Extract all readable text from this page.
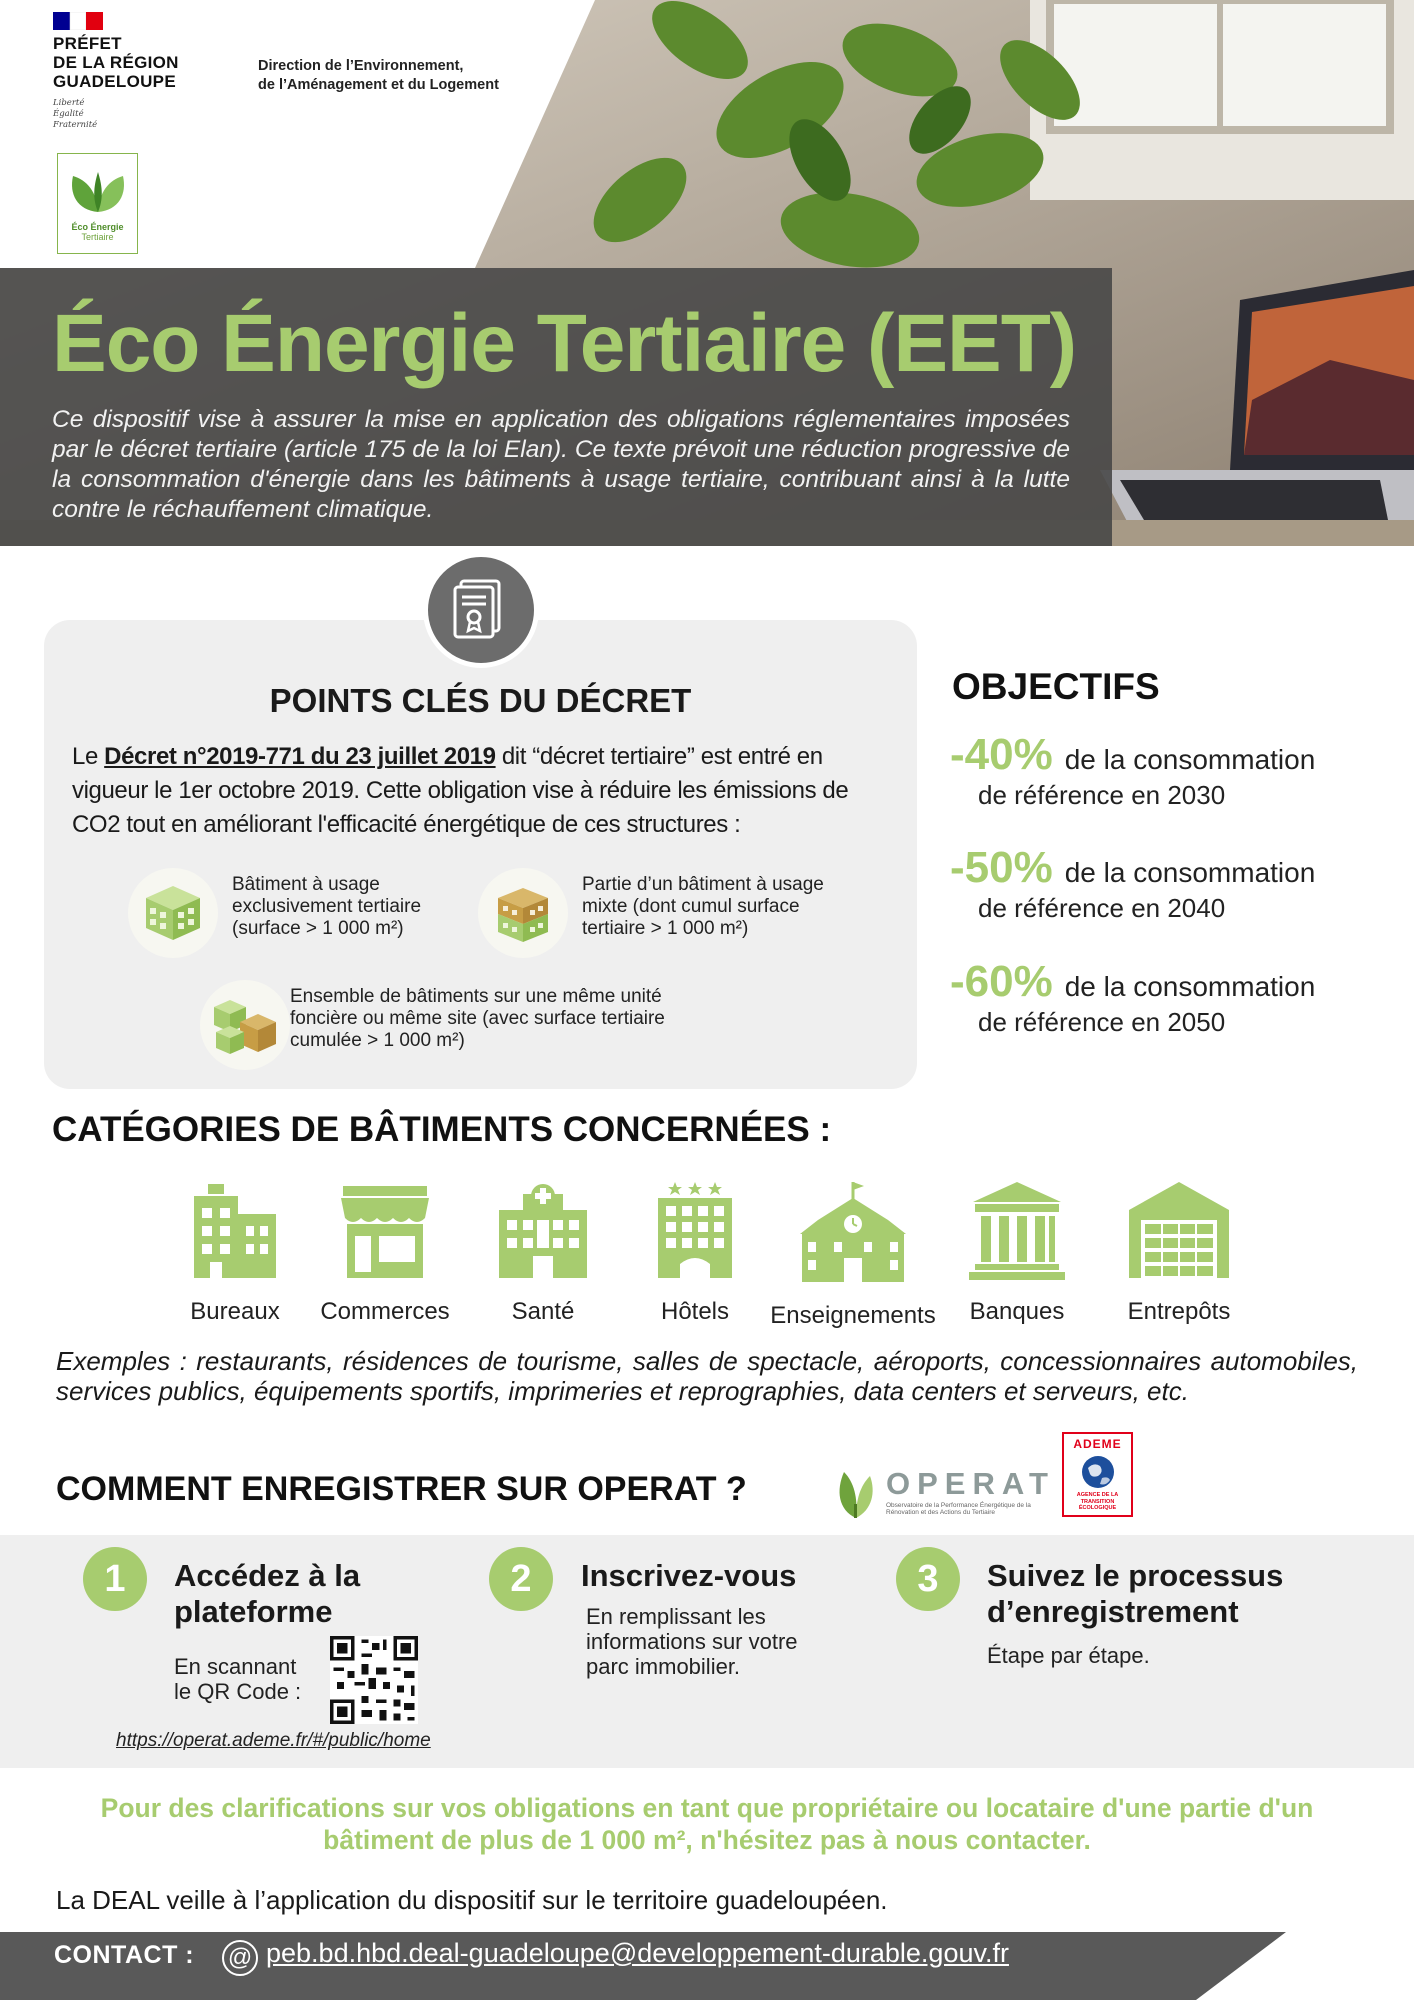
PRÉFET
DE LA RÉGION
GUADELOUPE
Liberté
Égalité
Fraternité
Direction de l’Environnement,
de l’Aménagement et du Logement
Éco Énergie
Tertiaire
Éco Énergie Tertiaire (EET)
Ce dispositif vise à assurer la mise en application des obligations réglementaires imposées par le décret tertiaire (article 175 de la loi Elan). Ce texte prévoit une réduction progressive de la consommation d'énergie dans les bâtiments à usage tertiaire, contribuant ainsi à la lutte contre le réchauffement climatique.
POINTS CLÉS DU DÉCRET
Le Décret n°2019-771 du 23 juillet 2019 dit “décret tertiaire” est entré en vigueur le 1er octobre 2019. Cette obligation vise à réduire les émissions de CO2 tout en améliorant l'efficacité énergétique de ces structures :
Bâtiment à usage exclusivement tertiaire (surface > 1 000 m²)
Partie d’un bâtiment à usage mixte (dont cumul surface tertiaire > 1 000 m²)
Ensemble de bâtiments sur une même unité foncière ou même site (avec surface tertiaire cumulée > 1 000 m²)
OBJECTIFS
-40% de la consommation
de référence en 2030
-50% de la consommation
de référence en 2040
-60% de la consommation
de référence en 2050
CATÉGORIES DE BÂTIMENTS CONCERNÉES :
Bureaux	Commerces	Santé	Hôtels	Enseignements	Banques	Entrepôts
Exemples : restaurants, résidences de tourisme, salles de spectacle, aéroports, concessionnaires automobiles, services publics, équipements sportifs, imprimeries et reprographies, data centers et serveurs, etc.
COMMENT ENREGISTRER SUR OPERAT ?	OPERAT
Observatoire de la Performance Énergétique de la Rénovation et des Actions du Tertiaire
ADEME
AGENCE DE LA
TRANSITION
ÉCOLOGIQUE
1	Accédez à la
plateforme
En scannant
le QR Code :
https://operat.ademe.fr/#/public/home
2	Inscrivez-vous
En remplissant les
informations sur votre
parc immobilier.
3	Suivez le processus
d’enregistrement
Étape par étape.
Pour des clarifications sur vos obligations en tant que propriétaire ou locataire d'une partie d'un bâtiment de plus de 1 000 m², n'hésitez pas à nous contacter.
La DEAL veille à l’application du dispositif sur le territoire guadeloupéen.
CONTACT : @ peb.bd.hbd.deal-guadeloupe@developpement-durable.gouv.fr
